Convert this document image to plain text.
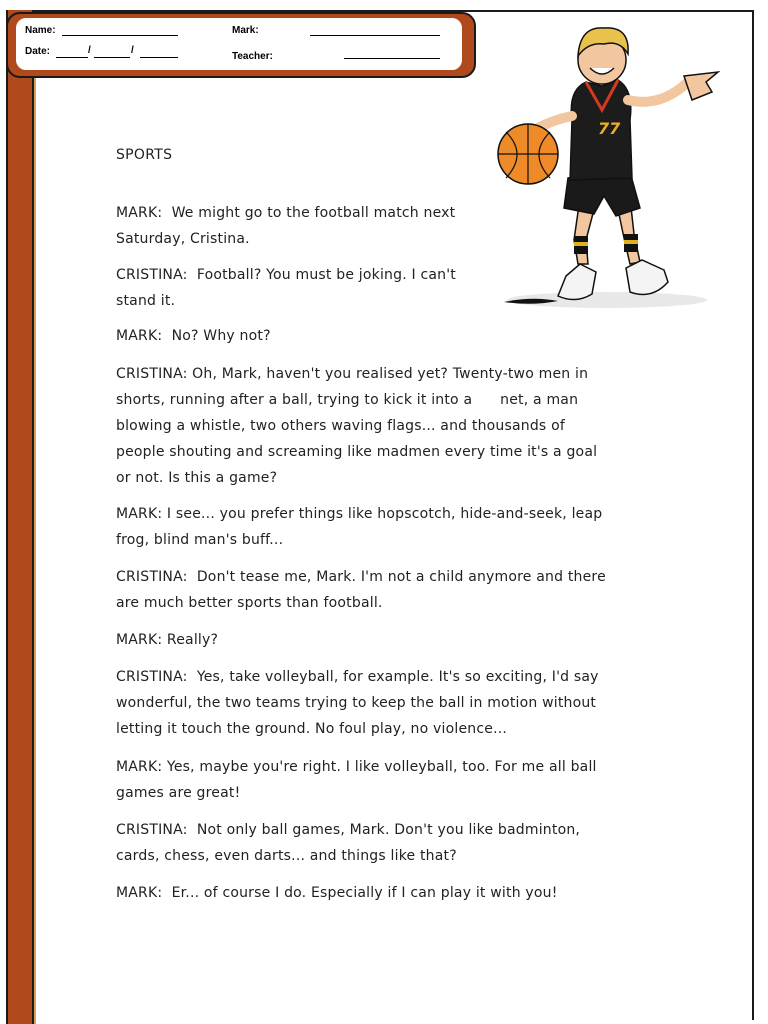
Name:
Date:	/	/
Mark:
Teacher:
77
SPORTS
MARK:  We might go to the football match next
Saturday, Cristina.
CRISTINA:  Football? You must be joking. I can't
stand it.
MARK:  No? Why not?
CRISTINA: Oh, Mark, haven't you realised yet? Twenty-two men in
shorts, running after a ball, trying to kick it into a      net, a man
blowing a whistle, two others waving flags... and thousands of
people shouting and screaming like madmen every time it's a goal
or not. Is this a game?
MARK: I see... you prefer things like hopscotch, hide-and-seek, leap
frog, blind man's buff...
CRISTINA:  Don't tease me, Mark. I'm not a child anymore and there
are much better sports than football.
MARK: Really?
CRISTINA:  Yes, take volleyball, for example. It's so exciting, I'd say
wonderful, the two teams trying to keep the ball in motion without
letting it touch the ground. No foul play, no violence...
MARK: Yes, maybe you're right. I like volleyball, too. For me all ball
games are great!
CRISTINA:  Not only ball games, Mark. Don't you like badminton,
cards, chess, even darts... and things like that?
MARK:  Er... of course I do. Especially if I can play it with you!
